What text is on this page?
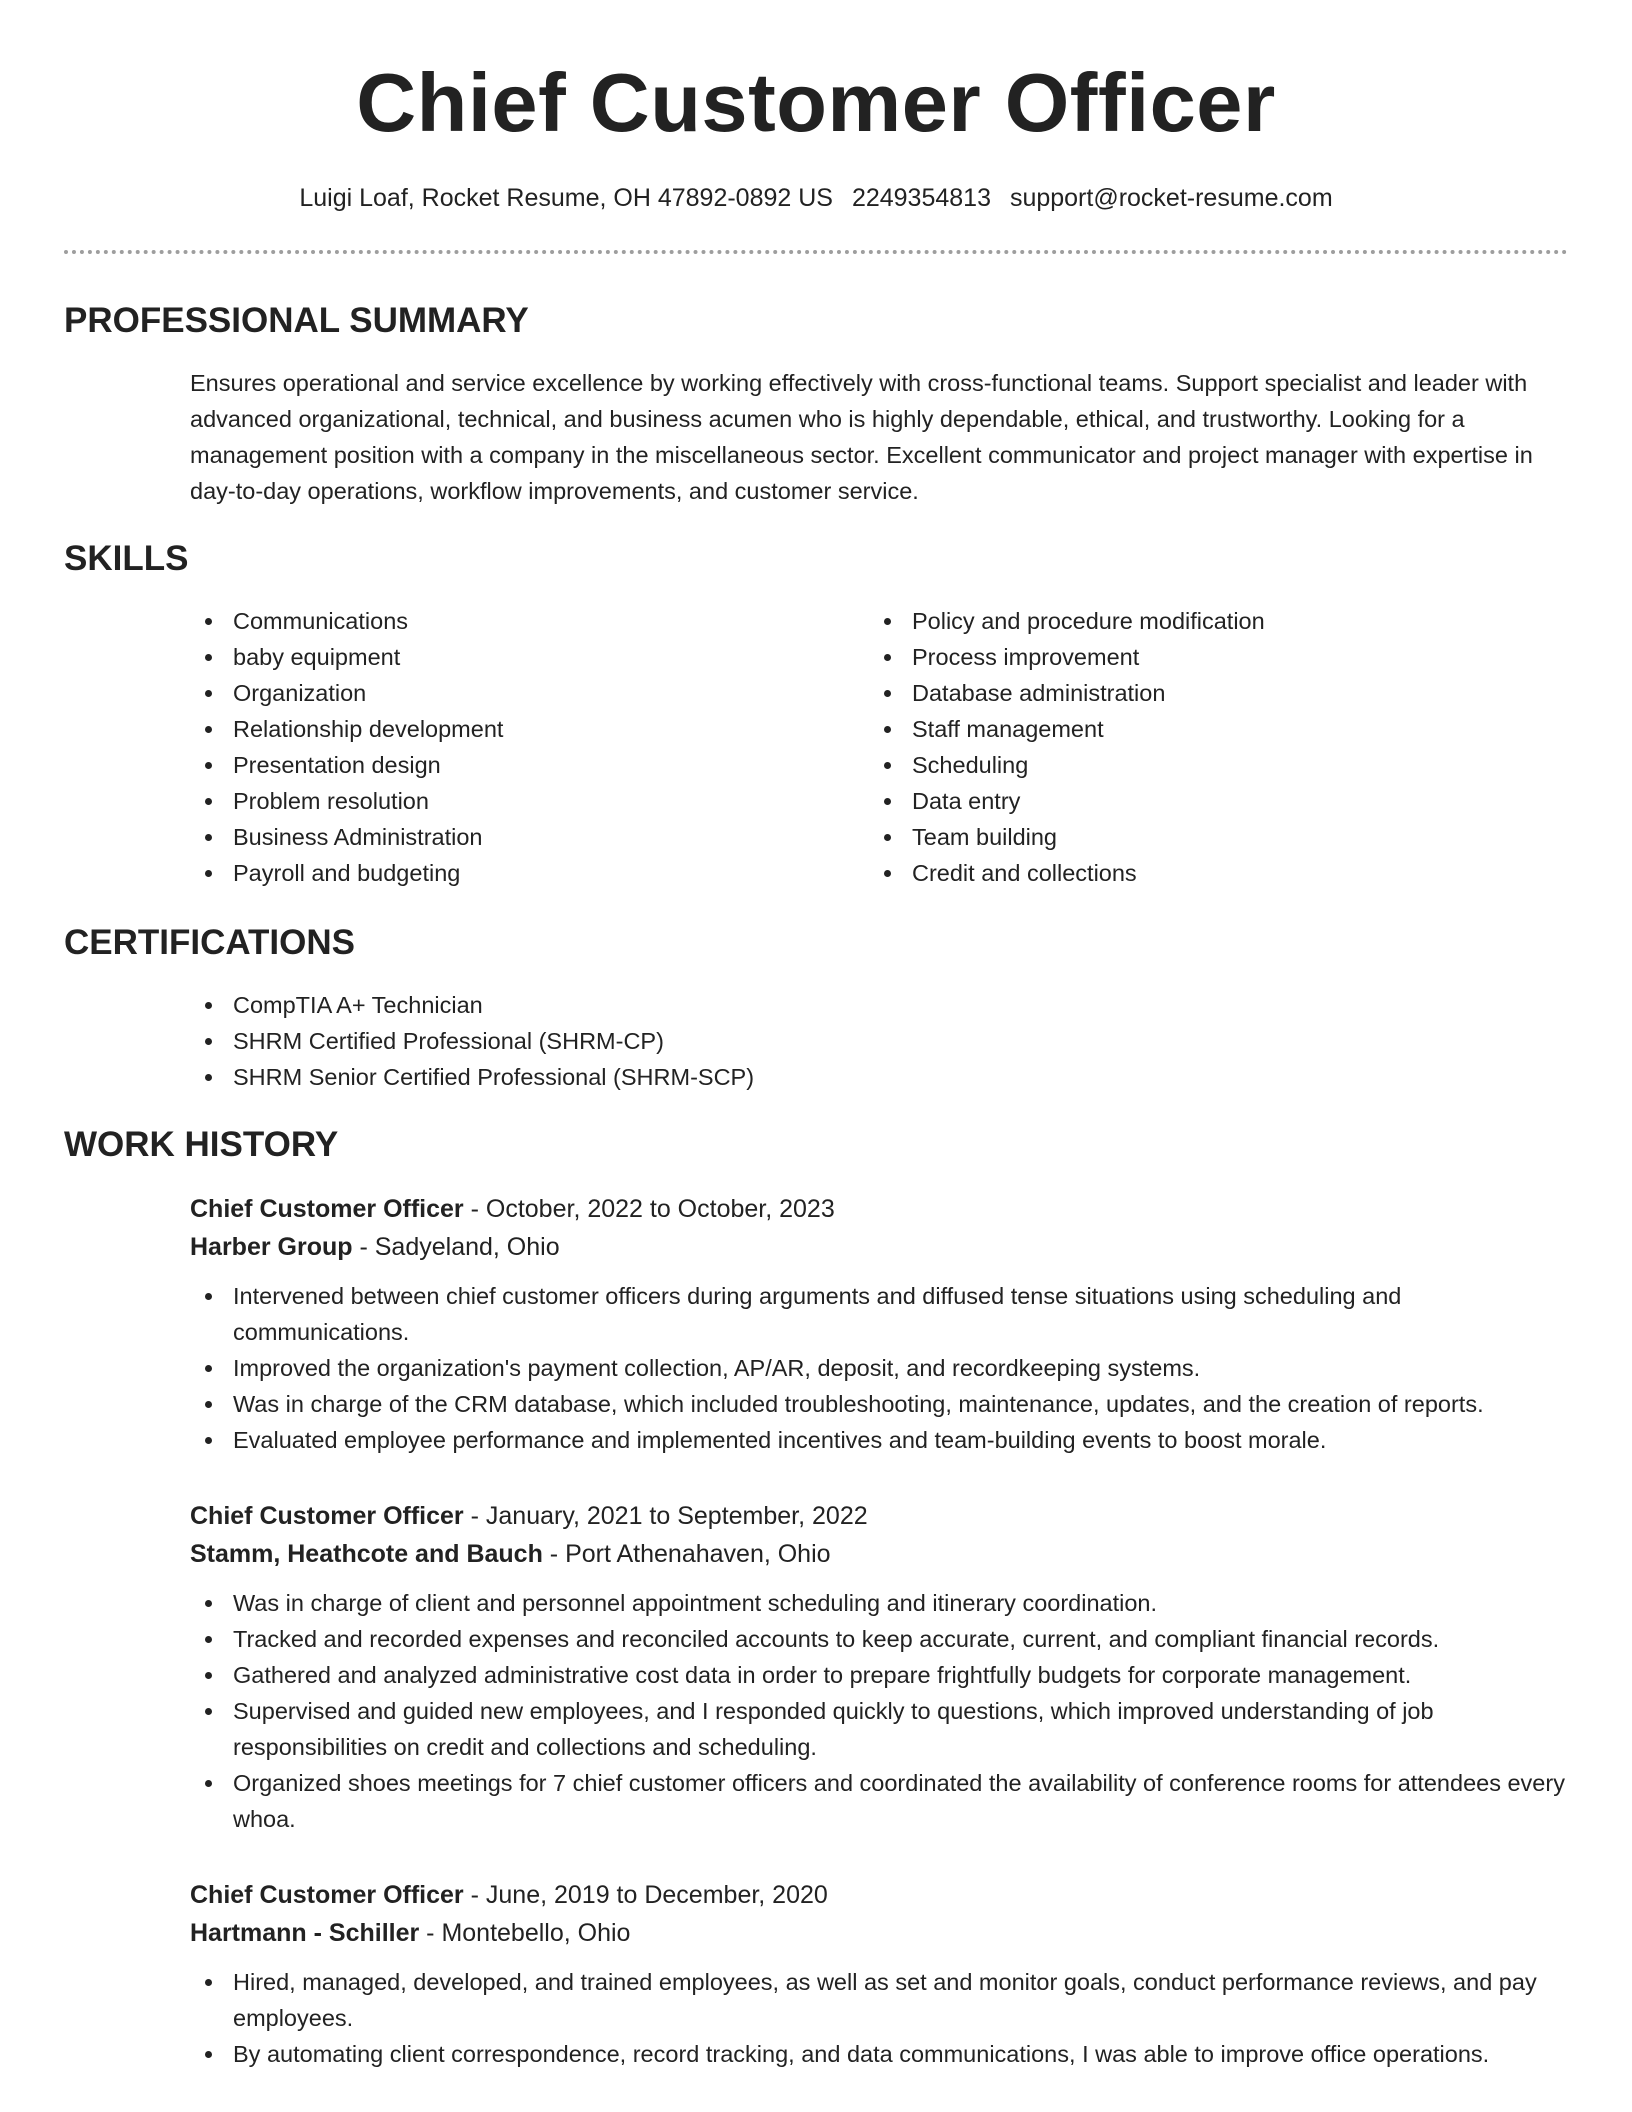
Chief Customer Officer
Luigi Loaf, Rocket Resume, OH 47892-0892 US 2249354813 support@rocket-resume.com
PROFESSIONAL SUMMARY

Ensures operational and service excellence by working effectively with cross-functional teams. Support specialist and leader with advanced organizational, technical, and business acumen who is highly dependable, ethical, and trustworthy. Looking for a management position with a company in the miscellaneous sector. Excellent communicator and project manager with expertise in day-to-day operations, workflow improvements, and customer service.

SKILLS
Communications
baby equipment
Organization
Relationship development
Presentation design
Problem resolution
Business Administration
Payroll and budgeting
Policy and procedure modification
Process improvement
Database administration
Staff management
Scheduling
Data entry
Team building
Credit and collections
CERTIFICATIONS
CompTIA A+ Technician
SHRM Certified Professional (SHRM-CP)
SHRM Senior Certified Professional (SHRM-SCP)
WORK HISTORY

Chief Customer Officer - October, 2022 to October, 2023

Harber Group - Sadyeland, Ohio

Intervened between chief customer officers during arguments and diffused tense situations using scheduling and communications.
Improved the organization's payment collection, AP/AR, deposit, and recordkeeping systems.
Was in charge of the CRM database, which included troubleshooting, maintenance, updates, and the creation of reports.
Evaluated employee performance and implemented incentives and team-building events to boost morale.

Chief Customer Officer - January, 2021 to September, 2022

Stamm, Heathcote and Bauch - Port Athenahaven, Ohio

Was in charge of client and personnel appointment scheduling and itinerary coordination.
Tracked and recorded expenses and reconciled accounts to keep accurate, current, and compliant financial records.
Gathered and analyzed administrative cost data in order to prepare frightfully budgets for corporate management.
Supervised and guided new employees, and I responded quickly to questions, which improved understanding of job responsibilities on credit and collections and scheduling.
Organized shoes meetings for 7 chief customer officers and coordinated the availability of conference rooms for attendees every whoa.

Chief Customer Officer - June, 2019 to December, 2020

Hartmann - Schiller - Montebello, Ohio

Hired, managed, developed, and trained employees, as well as set and monitor goals, conduct performance reviews, and pay employees.
By automating client correspondence, record tracking, and data communications, I was able to improve office operations.
